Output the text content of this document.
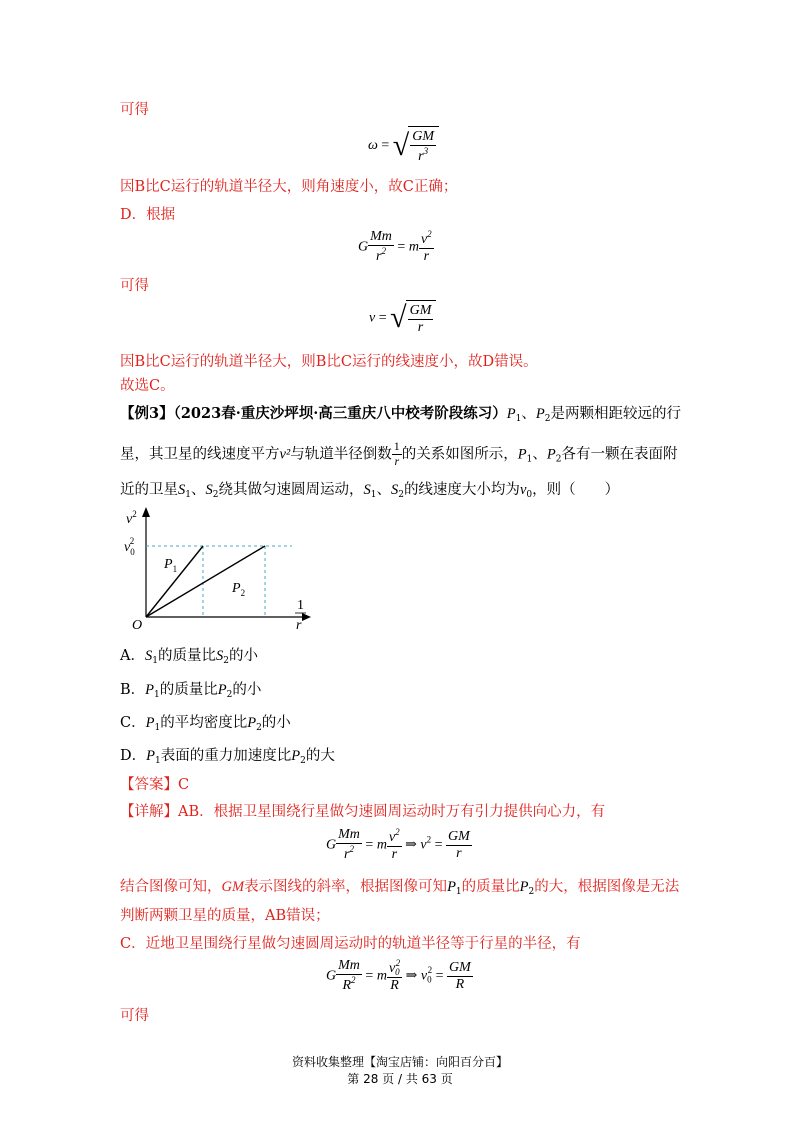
可得
ω = √ $\frac{GM}{r^3}$
因B比C运行的轨道半径大，则角速度小，故C正确；
D．根据
G $\frac{Mm}{r^2} = m \frac{v^2}{r}$
可得
v = √ $\frac{GM}{r}$
因B比C运行的轨道半径大，则B比C运行的线速度小，故D错误。
故选C。
【例3】（2023春·重庆沙坪坝·高三重庆八中校考阶段练习）$P_1$、$P_2$是两颗相距较远的行
星，其卫星的线速度平方v²与轨道半径倒数 $\frac{1}{r}$ 的关系如图所示，$P_1$、$P_2$各有一颗在表面附
近的卫星$S_1$、$S_2$绕其做匀速圆周运动，$S_1$、$S_2$的线速度大小均为$v_0$，则（　　）
$v^2$
$v_02$
O
1
r
$P_1$
$P_2$
A．$S_1$的质量比$S_2$的小
B．$P_1$的质量比$P_2$的小
C．$P_1$的平均密度比$P_2$的小
D．$P_1$表面的重力加速度比$P_2$的大
【答案】C
【详解】AB．根据卫星围绕行星做匀速圆周运动时万有引力提供向心力，有
G $\frac{Mm}{r^2} = m \frac{v^2}{r}$ ⇒ $v^2 = \frac{GM}{r}$
结合图像可知，GM表示图线的斜率，根据图像可知$P_1$的质量比$P_2$的大，根据图像是无法
判断两颗卫星的质量，AB错误；
C．近地卫星围绕行星做匀速圆周运动时的轨道半径等于行星的半径，有
G $\frac{Mm}{R^2} = m \frac{v_0^2}{R}$ ⇒ $v_0^2 = \frac{GM}{R}$
可得
资料收集整理【淘宝店铺：向阳百分百】
第 28 页 / 共 63 页
